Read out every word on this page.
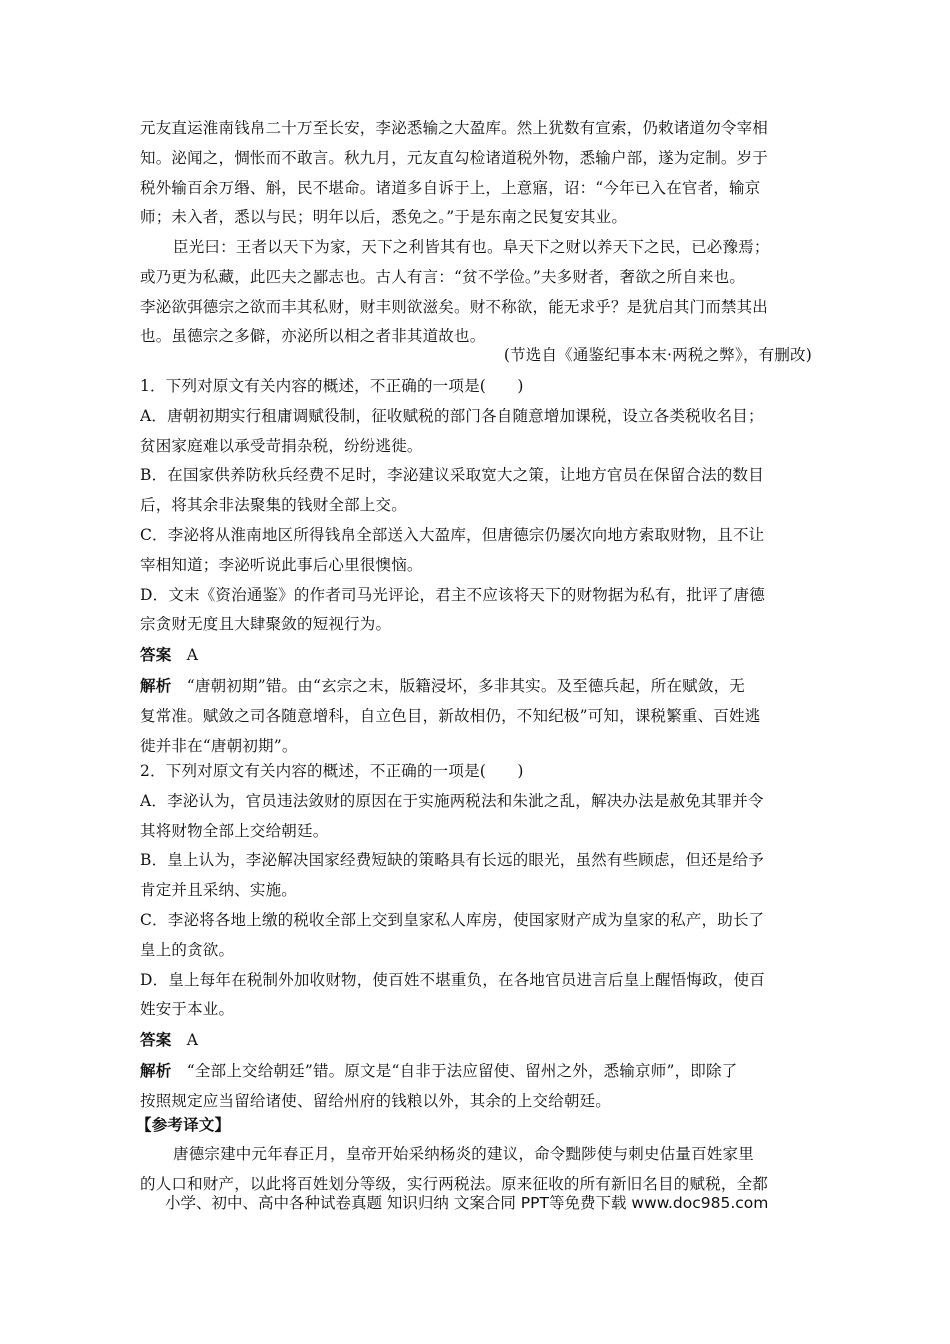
元友直运淮南钱帛二十万至长安，李泌悉输之大盈库。然上犹数有宣索，仍敕诸道勿令宰相
知。泌闻之，惆怅而不敢言。秋九月，元友直勾检诸道税外物，悉输户部，遂为定制。岁于
税外输百余万缗、斛，民不堪命。诸道多自诉于上，上意寤，诏：“今年已入在官者，输京
师；未入者，悉以与民；明年以后，悉免之。”于是东南之民复安其业。
臣光曰：王者以天下为家，天下之利皆其有也。阜天下之财以养天下之民，已必豫焉；
或乃更为私藏，此匹夫之鄙志也。古人有言：“贫不学俭。”夫多财者，奢欲之所自来也。
李泌欲弭德宗之欲而丰其私财，财丰则欲滋矣。财不称欲，能无求乎？是犹启其门而禁其出
也。虽德宗之多僻，亦泌所以相之者非其道故也。
(节选自《通鉴纪事本末·两税之弊》，有删改)
1．下列对原文有关内容的概述，不正确的一项是(　　)
A．唐朝初期实行租庸调赋役制，征收赋税的部门各自随意增加课税，设立各类税收名目；
贫困家庭难以承受苛捐杂税，纷纷逃徙。
B．在国家供养防秋兵经费不足时，李泌建议采取宽大之策，让地方官员在保留合法的数目
后，将其余非法聚集的钱财全部上交。
C．李泌将从淮南地区所得钱帛全部送入大盈库，但唐德宗仍屡次向地方索取财物，且不让
宰相知道；李泌听说此事后心里很懊恼。
D．文末《资治通鉴》的作者司马光评论，君主不应该将天下的财物据为私有，批评了唐德
宗贪财无度且大肆聚敛的短视行为。
答案 A
解析 “唐朝初期”错。由“玄宗之末，版籍浸坏，多非其实。及至德兵起，所在赋敛，无
复常准。赋敛之司各随意增科，自立色目，新故相仍，不知纪极”可知，课税繁重、百姓逃
徙并非在“唐朝初期”。
2．下列对原文有关内容的概述，不正确的一项是(　　)
A．李泌认为，官员违法敛财的原因在于实施两税法和朱泚之乱，解决办法是赦免其罪并令
其将财物全部上交给朝廷。
B．皇上认为，李泌解决国家经费短缺的策略具有长远的眼光，虽然有些顾虑，但还是给予
肯定并且采纳、实施。
C．李泌将各地上缴的税收全部上交到皇家私人库房，使国家财产成为皇家的私产，助长了
皇上的贪欲。
D．皇上每年在税制外加收财物，使百姓不堪重负，在各地官员进言后皇上醒悟悔政，使百
姓安于本业。
答案 A
解析 “全部上交给朝廷”错。原文是“自非于法应留使、留州之外，悉输京师”，即除了
按照规定应当留给诸使、留给州府的钱粮以外，其余的上交给朝廷。
【参考译文】
唐德宗建中元年春正月，皇帝开始采纳杨炎的建议，命令黜陟使与刺史估量百姓家里
的人口和财产，以此将百姓划分等级，实行两税法。原来征收的所有新旧名目的赋税，全都
小学、初中、高中各种试卷真题 知识归纳 文案合同 PPT等免费下载 www.doc985.com
